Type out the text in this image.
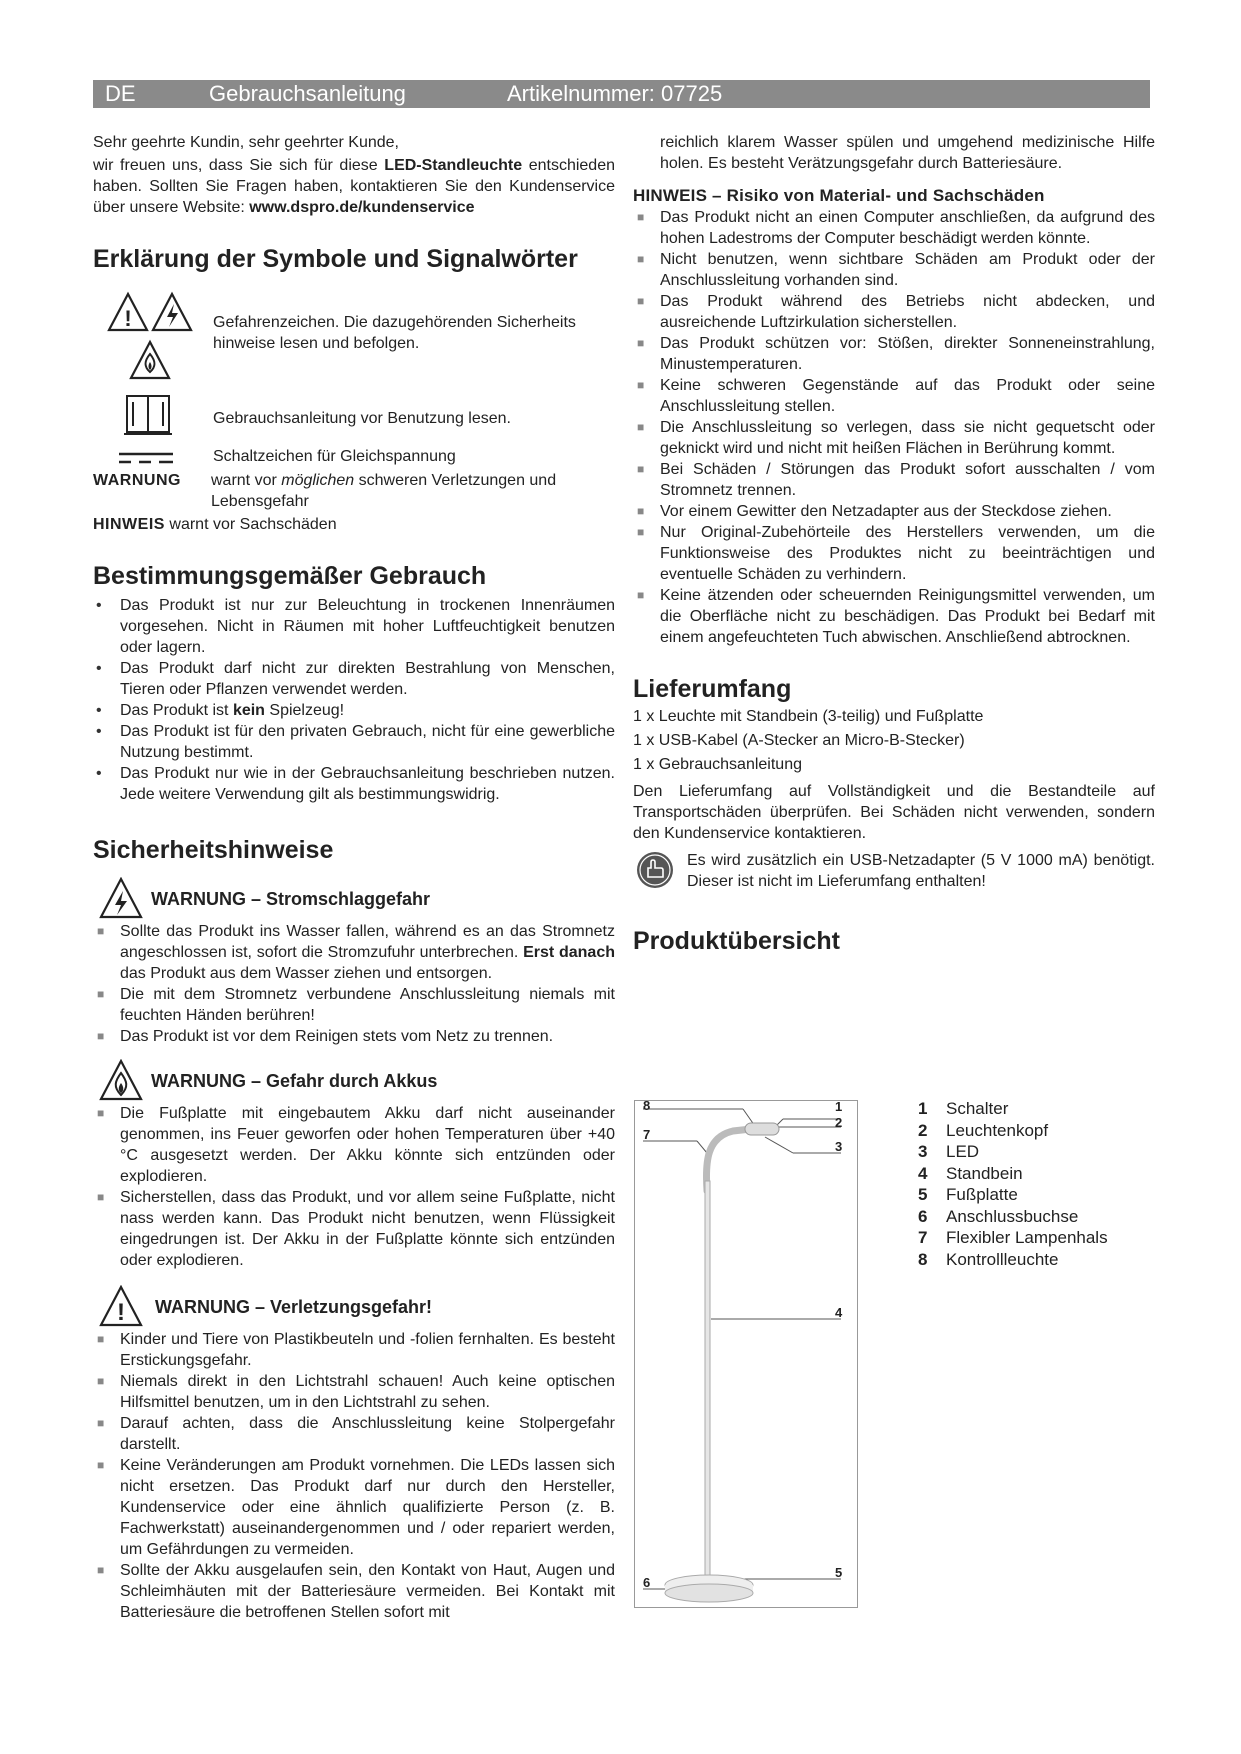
DE	Gebrauchsanleitung	Artikelnummer: 07725

Sehr geehrte Kundin, sehr geehrter Kunde,

wir freuen uns, dass Sie sich für diese LED-Standleuchte entschieden haben. Sollten Sie Fragen haben, kontaktieren Sie den Kundenservice über unsere Website: www.dspro.de/kundenservice

Erklärung der Symbole und Signalwörter
!	Gefahrenzeichen. Die dazugehörenden Sicherheits hinweise lesen und befolgen.

Gebrauchsanleitung vor Benutzung lesen.

Schaltzeichen für Gleichspannung

WARNUNG warnt vor möglichen schweren Verletzungen und Lebensgefahr

HINWEIS warnt vor Sachschäden

Bestimmungsgemäßer Gebrauch
• Das Produkt ist nur zur Beleuchtung in trockenen Innenräumen vorgesehen. Nicht in Räumen mit hoher Luftfeuchtigkeit benutzen oder lagern.
• Das Produkt darf nicht zur direkten Bestrahlung von Menschen, Tieren oder Pflanzen verwendet werden.
• Das Produkt ist kein Spielzeug!
• Das Produkt ist für den privaten Gebrauch, nicht für eine gewerbliche Nutzung bestimmt.
• Das Produkt nur wie in der Gebrauchsanleitung beschrieben nutzen. Jede weitere Verwendung gilt als bestimmungswidrig.
Sicherheitshinweise
WARNUNG – Stromschlaggefahr
■ Sollte das Produkt ins Wasser fallen, während es an das Stromnetz angeschlossen ist, sofort die Stromzufuhr unterbrechen. Erst danach das Produkt aus dem Wasser ziehen und entsorgen.
■ Die mit dem Stromnetz verbundene Anschlussleitung niemals mit feuchten Händen berühren!
■ Das Produkt ist vor dem Reinigen stets vom Netz zu trennen.
WARNUNG – Gefahr durch Akkus
■ Die Fußplatte mit eingebautem Akku darf nicht auseinander genommen, ins Feuer geworfen oder hohen Temperaturen über +40 °C ausgesetzt werden. Der Akku könnte sich entzünden oder explodieren.
■ Sicherstellen, dass das Produkt, und vor allem seine Fußplatte, nicht nass werden kann. Das Produkt nicht benutzen, wenn Flüssigkeit eingedrungen ist. Der Akku in der Fußplatte könnte sich entzünden oder explodieren.
! WARNUNG – Verletzungsgefahr!
■ Kinder und Tiere von Plastikbeuteln und -folien fernhalten. Es besteht Erstickungsgefahr.
■ Niemals direkt in den Lichtstrahl schauen! Auch keine optischen Hilfsmittel benutzen, um in den Lichtstrahl zu sehen.
■ Darauf achten, dass die Anschlussleitung keine Stolpergefahr darstellt.
■ Keine Veränderungen am Produkt vornehmen. Die LEDs lassen sich nicht ersetzen. Das Produkt darf nur durch den Hersteller, Kundenservice oder eine ähnlich qualifizierte Person (z. B. Fachwerkstatt) auseinandergenommen und / oder repariert werden, um Gefährdungen zu vermeiden.
■ Sollte der Akku ausgelaufen sein, den Kontakt von Haut, Augen und Schleimhäuten mit der Batteriesäure vermeiden. Bei Kontakt mit Batteriesäure die betroffenen Stellen sofort mit

reichlich klarem Wasser spülen und umgehend medizinische Hilfe holen. Es besteht Verätzungsgefahr durch Batteriesäure.

HINWEIS – Risiko von Material- und Sachschäden

■ Das Produkt nicht an einen Computer anschließen, da aufgrund des hohen Ladestroms der Computer beschädigt werden könnte.
■ Nicht benutzen, wenn sichtbare Schäden am Produkt oder der Anschlussleitung vorhanden sind.
■ Das Produkt während des Betriebs nicht abdecken, und ausreichende Luftzirkulation sicherstellen.
■ Das Produkt schützen vor: Stößen, direkter Sonneneinstrahlung, Minustemperaturen.
■ Keine schweren Gegenstände auf das Produkt oder seine Anschlussleitung stellen.
■ Die Anschlussleitung so verlegen, dass sie nicht gequetscht oder geknickt wird und nicht mit heißen Flächen in Berührung kommt.
■ Bei Schäden / Störungen das Produkt sofort ausschalten / vom Stromnetz trennen.
■ Vor einem Gewitter den Netzadapter aus der Steckdose ziehen.
■ Nur Original-Zubehörteile des Herstellers verwenden, um die Funktionsweise des Produktes nicht zu beeinträchtigen und eventuelle Schäden zu verhindern.
■ Keine ätzenden oder scheuernden Reinigungsmittel verwenden, um die Oberfläche nicht zu beschädigen. Das Produkt bei Bedarf mit einem angefeuchteten Tuch abwischen. Anschließend abtrocknen.
Lieferumfang

1 x Leuchte mit Standbein (3-teilig) und Fußplatte

1 x USB-Kabel (A-Stecker an Micro-B-Stecker)

1 x Gebrauchsanleitung

Den Lieferumfang auf Vollständigkeit und die Bestandteile auf Transportschäden überprüfen. Bei Schäden nicht verwenden, sondern den Kundenservice kontaktieren.

Es wird zusätzlich ein USB-Netzadapter (5 V 1000 mA) benötigt. Dieser ist nicht im Lieferumfang enthalten!

Produktübersicht
8	1
2
7
3
4
6
5
1 Schalter
2 Leuchtenkopf
3 LED
4 Standbein
5 Fußplatte
6 Anschlussbuchse
7 Flexibler Lampenhals
8 Kontrollleuchte
